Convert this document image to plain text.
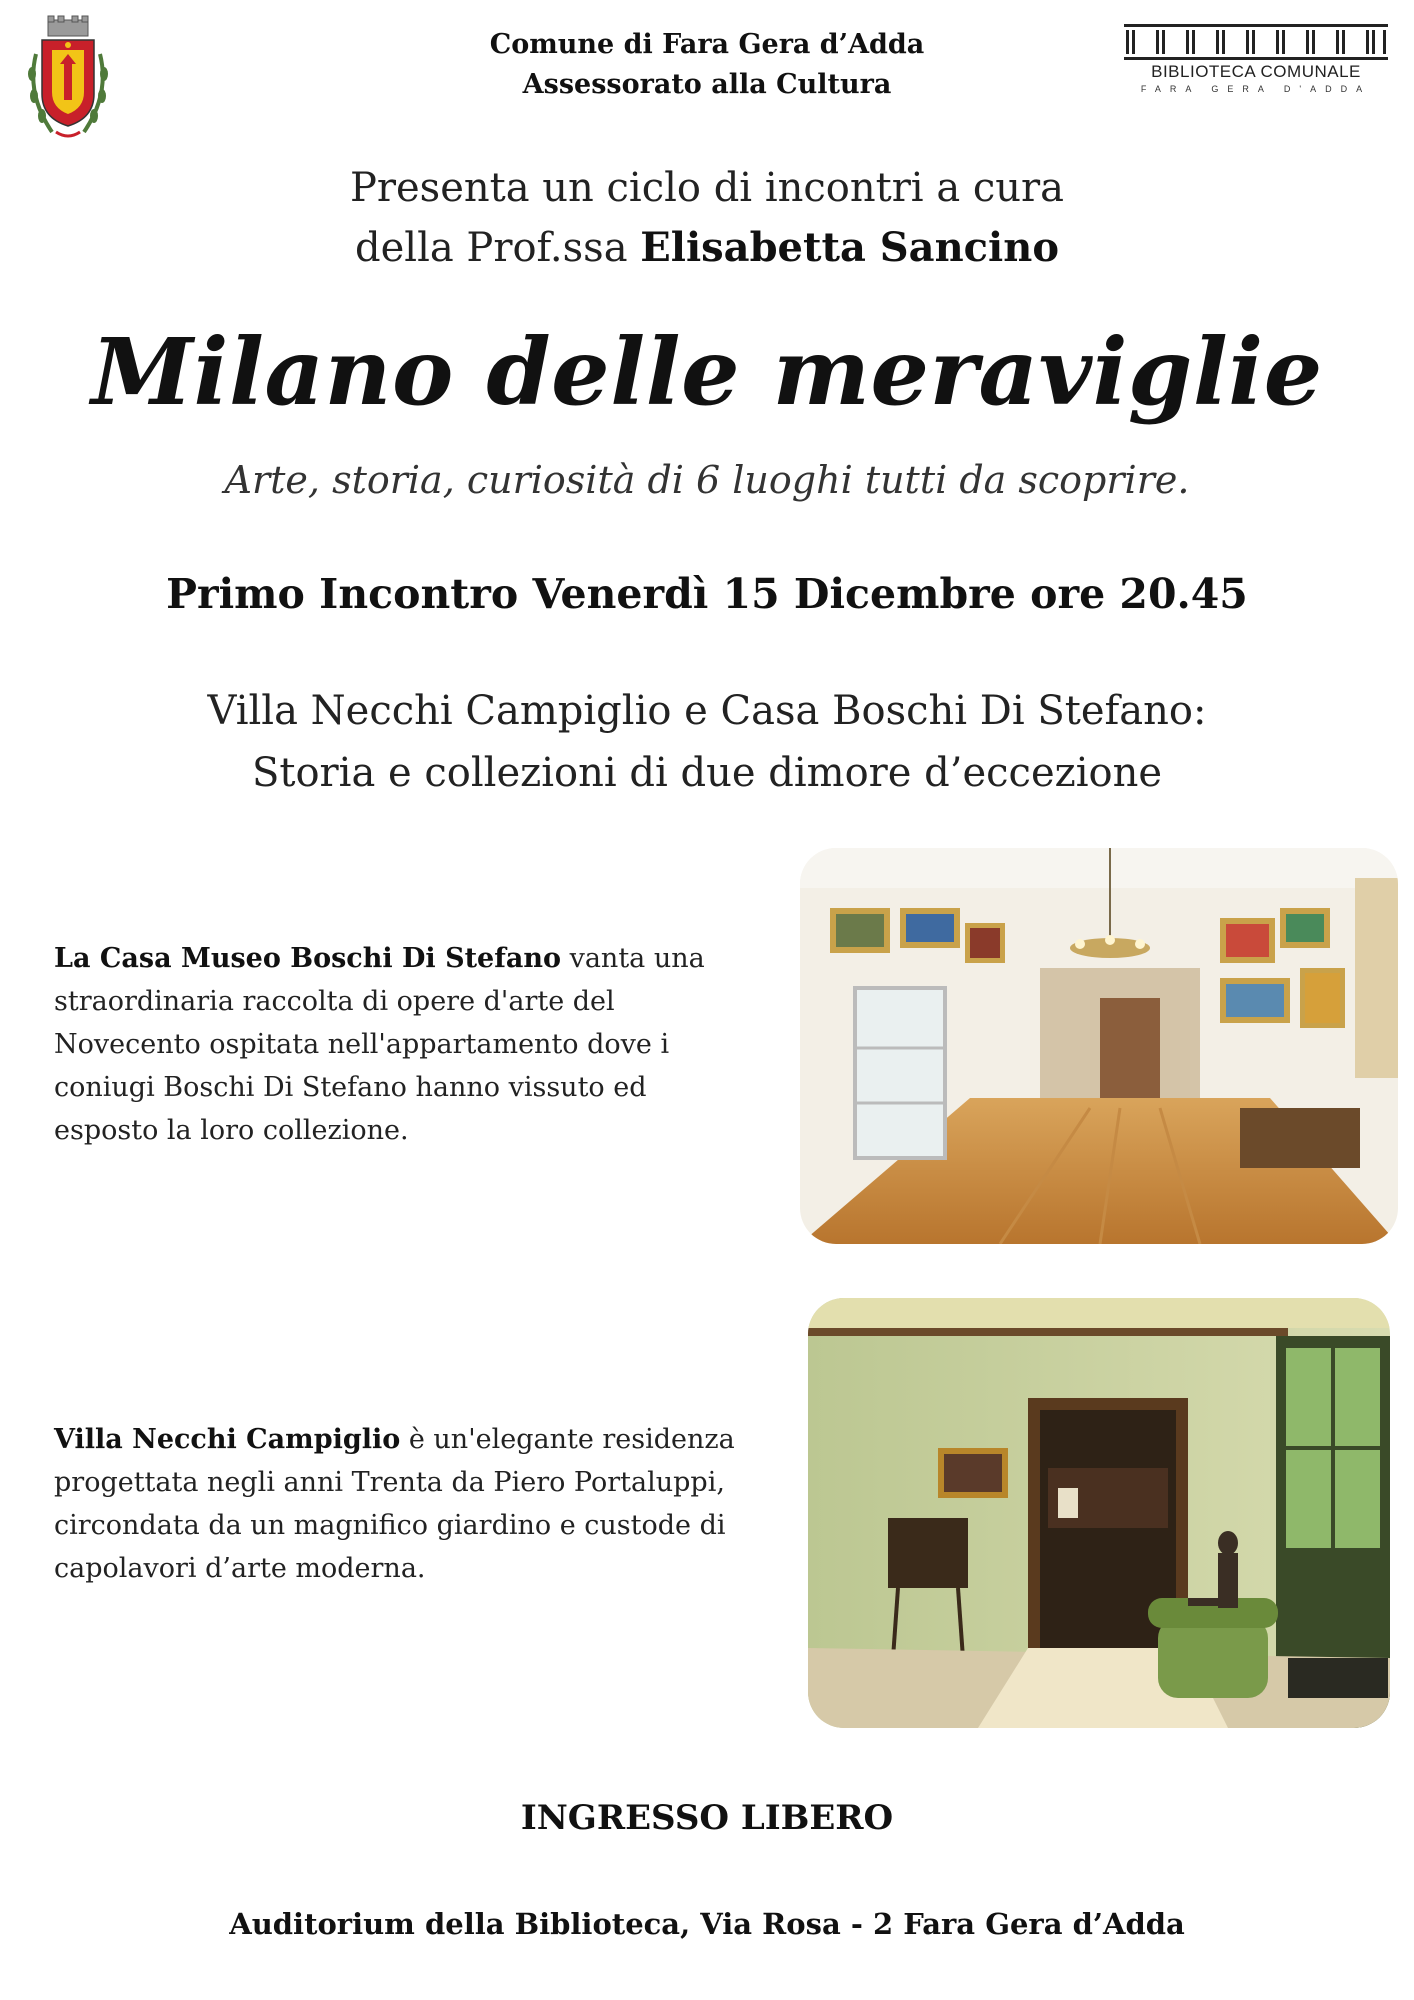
Comune di Fara Gera d’Adda
Assessorato alla Cultura	BIBLIOTECA COMUNALE
FARA GERA D'ADDA
Presenta un ciclo di incontri a cura
della Prof.ssa Elisabetta Sancino
Milano delle meraviglie
Arte, storia, curiosità di 6 luoghi tutti da scoprire.
Primo Incontro Venerdì 15 Dicembre ore 20.45
Villa Necchi Campiglio e Casa Boschi Di Stefano:
Storia e collezioni di due dimore d’eccezione
La Casa Museo Boschi Di Stefano vanta una straordinaria raccolta di opere d'arte del Novecento ospitata nell'appartamento dove i coniugi Boschi Di Stefano hanno vissuto ed esposto la loro collezione.
Villa Necchi Campiglio è un'elegante residenza progettata negli anni Trenta da Piero Portaluppi, circondata da un magnifico giardino e custode di capolavori d’arte moderna.
INGRESSO LIBERO
Auditorium della Biblioteca, Via Rosa - 2 Fara Gera d’Adda
